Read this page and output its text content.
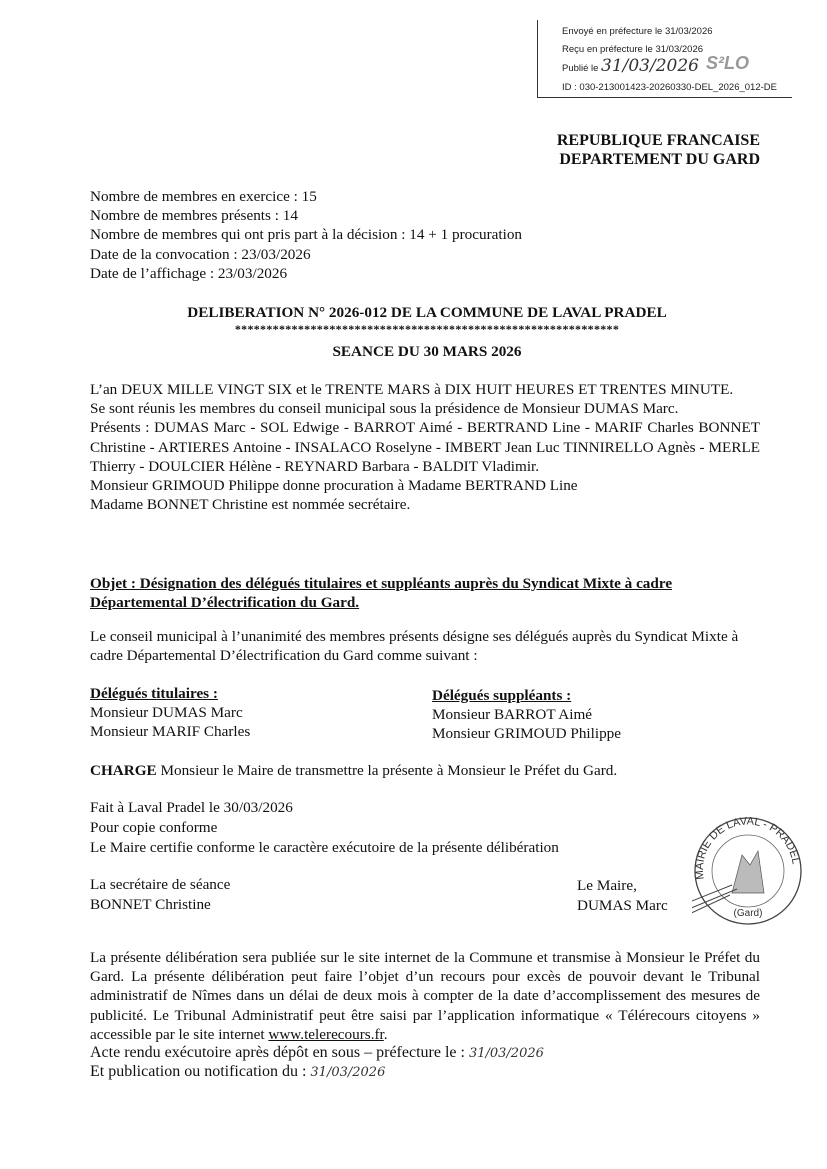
Envoyé en préfecture le 31/03/2026
Reçu en préfecture le 31/03/2026
Publié le 31/03/2026 S²LO
ID : 030-213001423-20260330-DEL_2026_012-DE
REPUBLIQUE FRANCAISE
DEPARTEMENT DU GARD
Nombre de membres en exercice : 15
Nombre de membres présents : 14
Nombre de membres qui ont pris part à la décision : 14 + 1 procuration
Date de la convocation : 23/03/2026
Date de l’affichage : 23/03/2026
DELIBERATION N° 2026-012 DE LA COMMUNE DE LAVAL PRADEL
*************************************************************
SEANCE DU 30 MARS 2026

L’an DEUX MILLE VINGT SIX et le TRENTE MARS à DIX HUIT HEURES ET TRENTES MINUTE.

Se sont réunis les membres du conseil municipal sous la présidence de Monsieur DUMAS Marc.

Présents : DUMAS Marc - SOL Edwige - BARROT Aimé - BERTRAND Line - MARIF Charles BONNET Christine - ARTIERES Antoine - INSALACO Roselyne - IMBERT Jean Luc TINNIRELLO Agnès - MERLE Thierry - DOULCIER Hélène - REYNARD Barbara - BALDIT Vladimir.

Monsieur GRIMOUD Philippe donne procuration à Madame BERTRAND Line

Madame BONNET Christine est nommée secrétaire.

Objet : Désignation des délégués titulaires et suppléants auprès du Syndicat Mixte à cadre Départemental D’électrification du Gard.
Le conseil municipal à l’unanimité des membres présents désigne ses délégués auprès du Syndicat Mixte à cadre Départemental D’électrification du Gard comme suivant :
Délégués titulaires :
Monsieur DUMAS Marc
Monsieur MARIF Charles
Délégués suppléants :
Monsieur BARROT Aimé
Monsieur GRIMOUD Philippe
CHARGE Monsieur le Maire de transmettre la présente à Monsieur le Préfet du Gard.
Fait à Laval Pradel le 30/03/2026
Pour copie conforme
Le Maire certifie conforme le caractère exécutoire de la présente délibération
La secrétaire de séance
BONNET Christine
Le Maire,
DUMAS Marc
MAIRIE DE LAVAL - PRADEL
(Gard)

La présente délibération sera publiée sur le site internet de la Commune et transmise à Monsieur le Préfet du Gard. La présente délibération peut faire l’objet d’un recours pour excès de pouvoir devant le Tribunal administratif de Nîmes dans un délai de deux mois à compter de la date d’accomplissement des mesures de publicité. Le Tribunal Administratif peut être saisi par l’application informatique « Télérecours citoyens » accessible par le site internet www.telerecours.fr.

Acte rendu exécutoire après dépôt en sous – préfecture le : 31/03/2026
Et publication ou notification du : 31/03/2026
